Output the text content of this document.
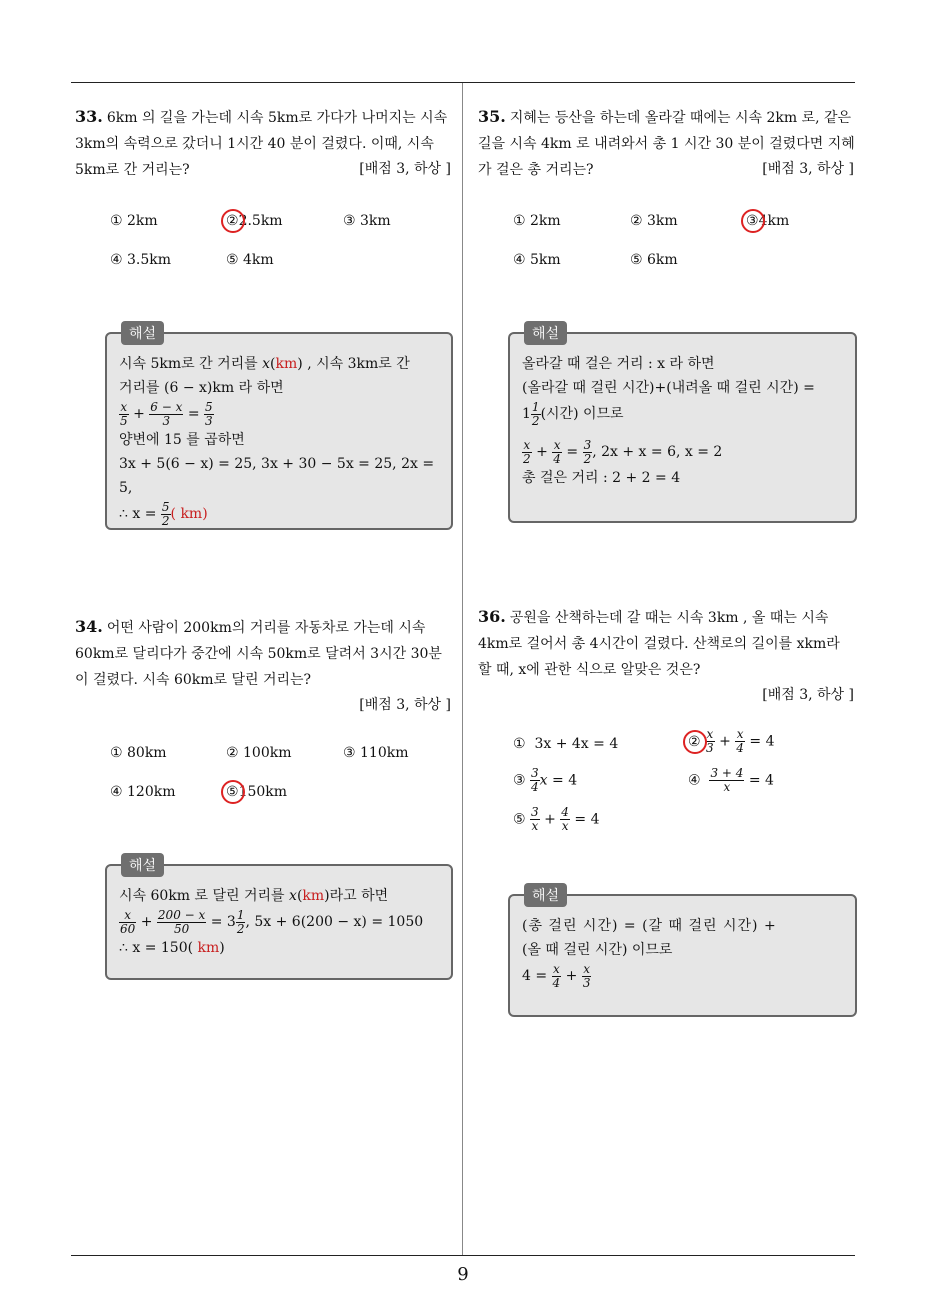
9
33. 6km 의 길을 가는데 시속 5km로 가다가 나머지는 시속 3km의 속력으로 갔더니 1시간 40 분이 걸렸다. 이때, 시속 5km로 간 거리는?	[배점 3, 하상 ]
① 2km	②2.5km	③ 3km
④ 3.5km	⑤ 4km
해설
시속 5km로 간 거리를 x(km) , 시속 3km로 간
거리를 (6 − x)km 라 하면
$\frac{x}{5} + \frac{6 - x}{3} = \frac{5}{3}$
양변에 15 를 곱하면
3x + 5(6 − x) = 25, 3x + 30 − 5x = 25, 2x = 5,
∴ $x = \frac{5}{2}$ ( km)
34. 어떤 사람이 200km의 거리를 자동차로 가는데 시속 60km로 달리다가 중간에 시속 50km로 달려서 3시간 30분이 걸렸다. 시속 60km로 달린 거리는?
[배점 3, 하상 ]
① 80km	② 100km	③ 110km
④ 120km	⑤150km
해설
시속 60km 로 달린 거리를 x(km)라고 하면
$\frac{x}{60} + \frac{200 - x}{50} = 3 \frac{1}{2}$ , 5x + 6(200 − x) = 1050
∴ x = 150( km)
35. 지혜는 등산을 하는데 올라갈 때에는 시속 2km 로, 같은 길을 시속 4km 로 내려와서 총 1 시간 30 분이 걸렸다면 지혜가 걸은 총 거리는?	[배점 3, 하상 ]
① 2km	② 3km	③4km
④ 5km	⑤ 6km
해설
올라갈 때 걸은 거리 : x 라 하면
(올라갈 때 걸린 시간)+(내려올 때 걸린 시간) =
$1 \frac{1}{2}$ (시간) 이므로
$\frac{x}{2} + \frac{x}{4} = \frac{3}{2}$ , 2x + x = 6, x = 2
총 걸은 거리 : 2 + 2 = 4
36. 공원을 산책하는데 갈 때는 시속 3km , 올 때는 시속 4km로 걸어서 총 4시간이 걸렸다. 산책로의 길이를 xkm라 할 때, x에 관한 식으로 알맞은 것은?
[배점 3, 하상 ]
① 3x + 4x = 4	② $\frac{x}{3} + \frac{x}{4} = 4$
③ $\frac{3}{4}$ x = 4	④ $\frac{3 + 4}{x} = 4$
⑤ $\frac{3}{x} + \frac{4}{x} = 4$
해설
(총 걸린 시간) = (갈 때 걸린 시간) +
(올 때 걸린 시간) 이므로
$4 = \frac{x}{4} + \frac{x}{3}$
